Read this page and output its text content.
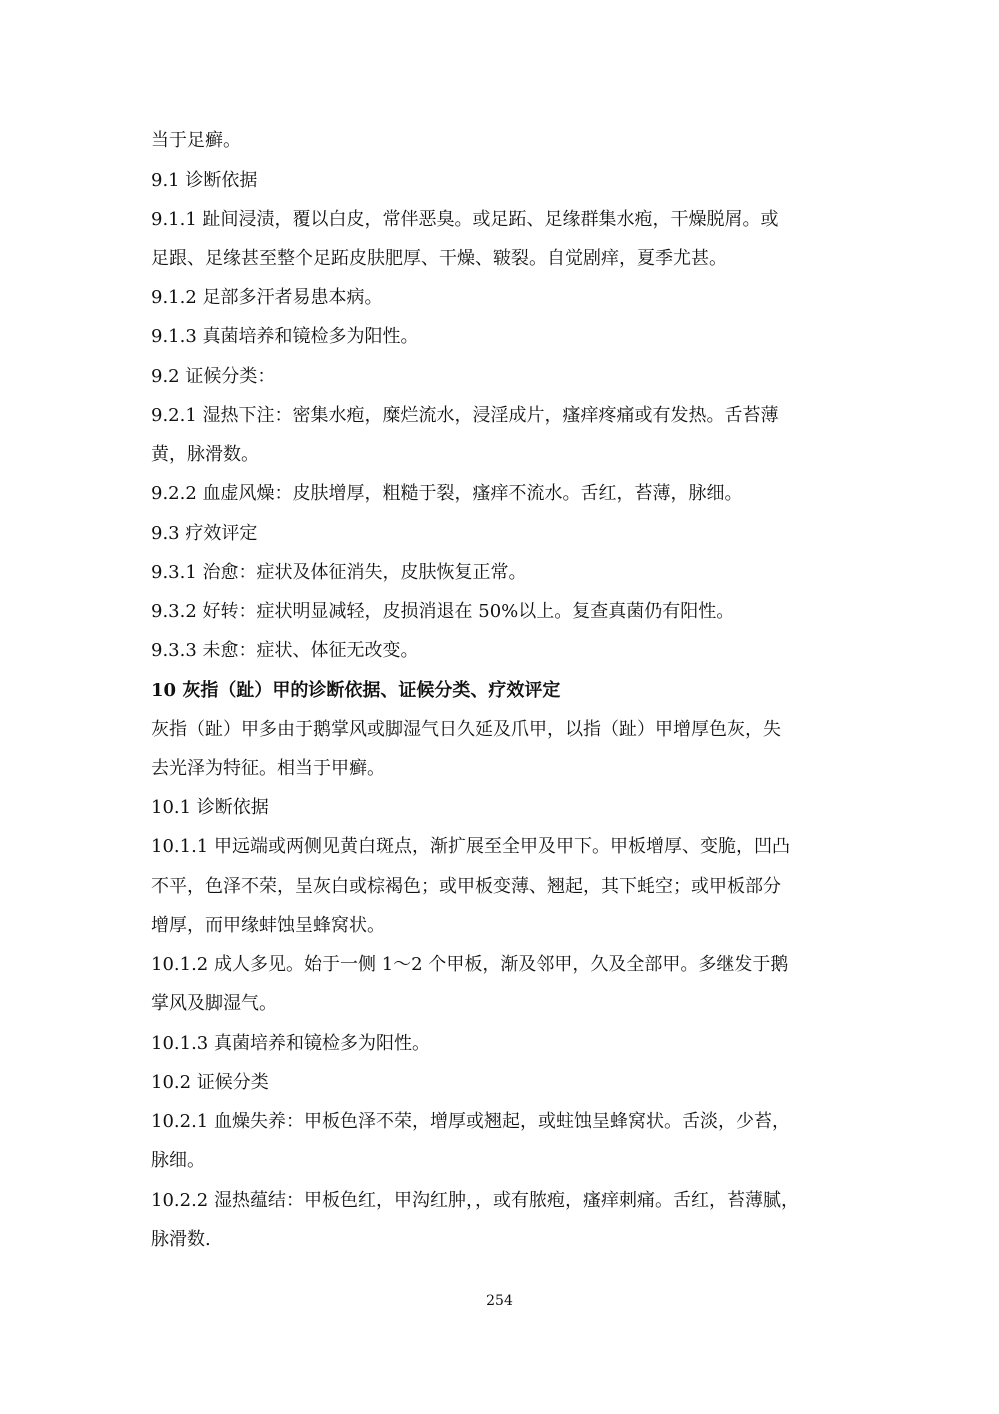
当于足癣。
9.1 诊断依据
9.1.1 趾间浸渍，覆以白皮，常伴恶臭。或足跖、足缘群集水疱，干燥脱屑。或
足跟、足缘甚至整个足跖皮肤肥厚、干燥、皲裂。自觉剧痒，夏季尤甚。
9.1.2 足部多汗者易患本病。
9.1.3 真菌培养和镜检多为阳性。
9.2 证候分类：
9.2.1 湿热下注：密集水疱，糜烂流水，浸淫成片，瘙痒疼痛或有发热。舌苔薄
黄，脉滑数。
9.2.2 血虚风燥：皮肤增厚，粗糙于裂，瘙痒不流水。舌红，苔薄，脉细。
9.3 疗效评定
9.3.1 治愈：症状及体征消失，皮肤恢复正常。
9.3.2 好转：症状明显减轻，皮损消退在 50%以上。复查真菌仍有阳性。
9.3.3 未愈：症状、体征无改变。
10 灰指（趾）甲的诊断依据、证候分类、疗效评定
灰指（趾）甲多由于鹅掌风或脚湿气日久延及爪甲，以指（趾）甲增厚色灰，失
去光泽为特征。相当于甲癣。
10.1 诊断依据
10.1.1 甲远端或两侧见黄白斑点，渐扩展至全甲及甲下。甲板增厚、变脆，凹凸
不平，色泽不荣，呈灰白或棕褐色；或甲板变薄、翘起，其下蚝空；或甲板部分
增厚，而甲缘蚌蚀呈蜂窝状。
10.1.2 成人多见。始于一侧 1～2 个甲板，渐及邻甲，久及全部甲。多继发于鹅
掌风及脚湿气。
10.1.3 真菌培养和镜检多为阳性。
10.2 证候分类
10.2.1 血燥失养：甲板色泽不荣，增厚或翘起，或蛀蚀呈蜂窝状。舌淡，少苔，
脉细。
10.2.2 湿热蕴结：甲板色红，甲沟红肿，，或有脓疱，瘙痒刺痛。舌红，苔薄腻，
脉滑数.
254
